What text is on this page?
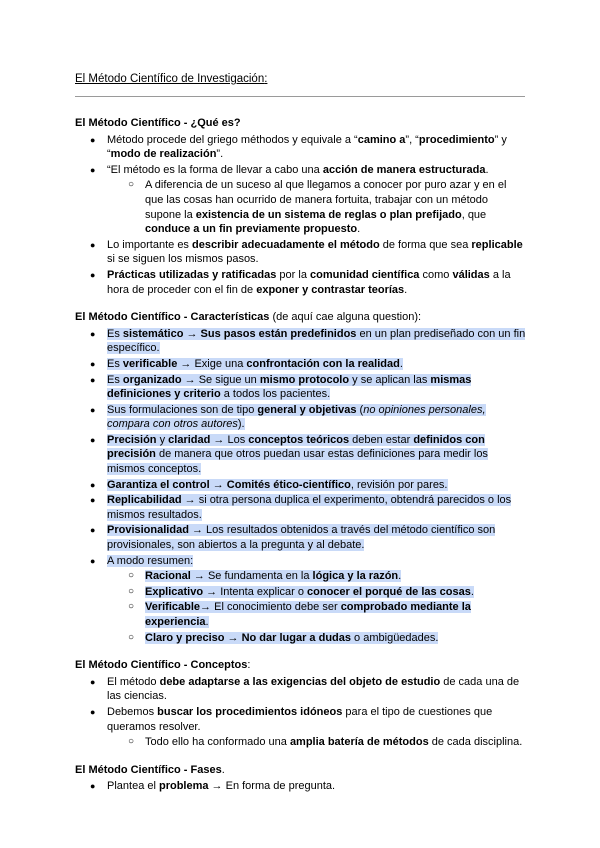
El Método Científico de Investigación:

El Método Científico - ¿Qué es?

● Método procede del griego méthodos y equivale a “camino a”, “procedimiento” y “modo de realización”.
● “El método es la forma de llevar a cabo una acción de manera estructurada.
○ A diferencia de un suceso al que llegamos a conocer por puro azar y en el que las cosas han ocurrido de manera fortuita, trabajar con un método supone la existencia de un sistema de reglas o plan prefijado, que conduce a un fin previamente propuesto.
● Lo importante es describir adecuadamente el método de forma que sea replicable si se siguen los mismos pasos.
● Prácticas utilizadas y ratificadas por la comunidad científica como válidas a la hora de proceder con el fin de exponer y contrastar teorías.

El Método Científico - Características (de aquí cae alguna question):

● Es sistemático → Sus pasos están predefinidos en un plan prediseñado con un fin específico.
● Es verificable → Exige una confrontación con la realidad.
● Es organizado → Se sigue un mismo protocolo y se aplican las mismas definiciones y criterio a todos los pacientes.
● Sus formulaciones son de tipo general y objetivas (no opiniones personales, compara con otros autores).
● Precisión y claridad → Los conceptos teóricos deben estar definidos con precisión de manera que otros puedan usar estas definiciones para medir los mismos conceptos.
● Garantiza el control → Comités ético-científico, revisión por pares.
● Replicabilidad → si otra persona duplica el experimento, obtendrá parecidos o los mismos resultados.
● Provisionalidad → Los resultados obtenidos a través del método científico son provisionales, son abiertos a la pregunta y al debate.
● A modo resumen:
○ Racional → Se fundamenta en la lógica y la razón.
○ Explicativo → Intenta explicar o conocer el porqué de las cosas.
○ Verificable→ El conocimiento debe ser comprobado mediante la experiencia.
○ Claro y preciso → No dar lugar a dudas o ambigüedades.

El Método Científico - Conceptos:

● El método debe adaptarse a las exigencias del objeto de estudio de cada una de las ciencias.
● Debemos buscar los procedimientos idóneos para el tipo de cuestiones que queramos resolver.
○ Todo ello ha conformado una amplia batería de métodos de cada disciplina.

El Método Científico - Fases.

● Plantea el problema → En forma de pregunta.
